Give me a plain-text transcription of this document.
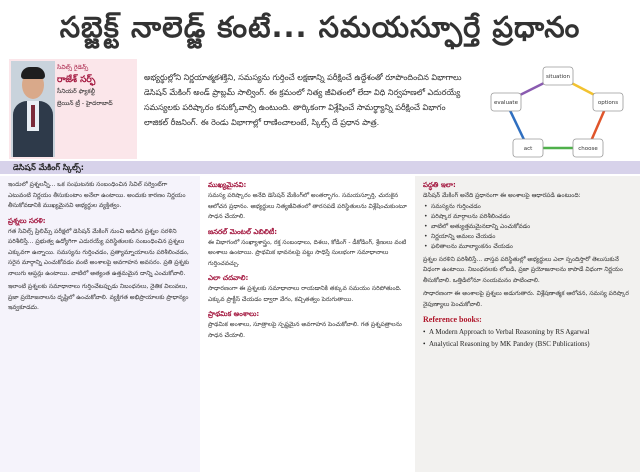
సబ్జెక్ట్ నాలెడ్జ్ కంటే... సమయస్ఫూర్తే ప్రధానం
సివిల్స్ గైడెన్స్
రాజేశ్ సర్ఫ్
సీనియర్ ఫ్యాకల్టీ
బ్రెయిన్ ట్రీ - హైదరాబాద్
అభ్యర్థుల్లోని నిర్ణయాత్మకశక్తిని, సమస్యను గుర్తించే లక్షణాన్ని పరీక్షించే ఉద్దేశంతో రూపొందించిన విభాగాలు డెసిషన్ మేకింగ్ అండ్ ప్రాబ్లమ్ సాల్వింగ్. ఈ క్రమంలో నిత్య జీవితంలో లేదా విధి నిర్వహణలో ఎదురయ్యే సమస్యలకు పరిష్కారం కనుక్కోవాల్సి ఉంటుంది. తార్కికంగా విశ్లేషించే సామర్థ్యాన్ని పరీక్షించే విభాగం లాజికల్ రీజనింగ్. ఈ రెండు విభాగాల్లో రాణించాలంటే, స్కిల్స్ దే ప్రధాన పాత్ర.
situation
options
choose
act
evaluate
డెసిషన్ మేకింగ్ స్కిల్స్:

ఇందులో ప్రశ్నలన్నీ... ఒక సంఘటనకు సంబంధించిన సివిల్ సర్వెంట్‌గా ఎటువంటి నిర్ణయం తీసుకుంటాం అనేలా ఉంటాయి. అందుకు కారణం నిర్ణయం తీసుకోవడానికి ముఖ్యమైనవి అభ్యర్థుల వ్యక్తిత్వం.

ప్రశ్నలు సరళి:

గత సివిల్స్ ప్రిలిమ్స్ పరీక్షలో డెసిషన్ మేకింగ్ నుంచి అడిగిన ప్రశ్నల సరళిని పరిశీలిస్తే... ప్రభుత్వ ఉద్యోగిగా ఎదురయ్యే పరిస్థితులకు సంబంధించిన ప్రశ్నలు ఎక్కువగా ఉన్నాయి. సమస్యను గుర్తించడం, ప్రత్యామ్నాయాలను పరిశీలించడం, సరైన మార్గాన్ని ఎంచుకోవడం వంటి అంశాలపై అవగాహన అవసరం. ప్రతి ప్రశ్నకు నాలుగు ఆప్షన్లు ఉంటాయి. వాటిలో అత్యంత ఉత్తమమైన దాన్ని ఎంచుకోవాలి.

ఇలాంటి ప్రశ్నలకు సమాధానాలు గుర్తించేటప్పుడు నిబంధనలు, నైతిక విలువలు, ప్రజా ప్రయోజనాలను దృష్టిలో ఉంచుకోవాలి. వ్యక్తిగత అభిప్రాయాలకు ప్రాధాన్యం ఇవ్వకూడదు.

ముఖ్యమైనవి:

సమస్య పరిష్కారం అనేది డెసిషన్ మేకింగ్‌లో అంతర్భాగం. సమయస్ఫూర్తి, చురుకైన ఆలోచన ప్రధానం. అభ్యర్థులు నిత్యజీవితంలో తారసపడే పరిస్థితులను విశ్లేషించుకుంటూ సాధన చేయాలి.

జనరల్ మెంటల్ ఎబిలిటీ:

ఈ విభాగంలో సంఖ్యాశాస్త్రం, రక్త సంబంధాలు, దిశలు, కోడింగ్ - డీకోడింగ్, శ్రేణులు వంటి అంశాలు ఉంటాయి. ప్రాథమిక భావనలపై పట్టు సాధిస్తే సులభంగా సమాధానాలు గుర్తించవచ్చు.

ఎలా చదవాలి:

సాధారణంగా ఈ ప్రశ్నలకు సమాధానాలు రాయడానికి తక్కువ సమయం సరిపోతుంది. ఎక్కువ ప్రాక్టీస్ చేయడం ద్వారా వేగం, కచ్చితత్వం పెరుగుతాయి.

ప్రాథమిక అంశాలు:

ప్రాథమిక అంశాలు, సూత్రాలపై స్పష్టమైన అవగాహన పెంచుకోవాలి. గత ప్రశ్నపత్రాలను సాధన చేయాలి.

పద్ధతి ఇలా:

డెసిషన్ మేకింగ్ అనేది ప్రధానంగా ఈ అంశాలపై ఆధారపడి ఉంటుంది:

• సమస్యను గుర్తించడం

• పరిష్కార మార్గాలను పరిశీలించడం

• వాటిలో అత్యుత్తమమైనదాన్ని ఎంచుకోవడం

• నిర్ణయాన్ని అమలు చేయడం

• ఫలితాలను మూల్యాంకనం చేయడం

ప్రశ్నల సరళిని పరిశీలిస్తే... వాస్తవ పరిస్థితుల్లో అభ్యర్థులు ఎలా స్పందిస్తారో తెలుసుకునే విధంగా ఉంటాయి. నిబంధనలకు లోబడి, ప్రజా ప్రయోజనాలను కాపాడే విధంగా నిర్ణయం తీసుకోవాలి. ఒత్తిడిలోనూ సంయమనం పాటించాలి.

సాధారణంగా ఈ అంశాలపై ప్రశ్నలు అడుగుతారు. విశ్లేషణాత్మక ఆలోచన, సమస్య పరిష్కార నైపుణ్యాలు పెంచుకోవాలి.

Reference books:

• A Modern Approach to Verbal Reasoning by RS Agarwal

• Analytical Reasoning by MK Pandey (BSC Publications)
